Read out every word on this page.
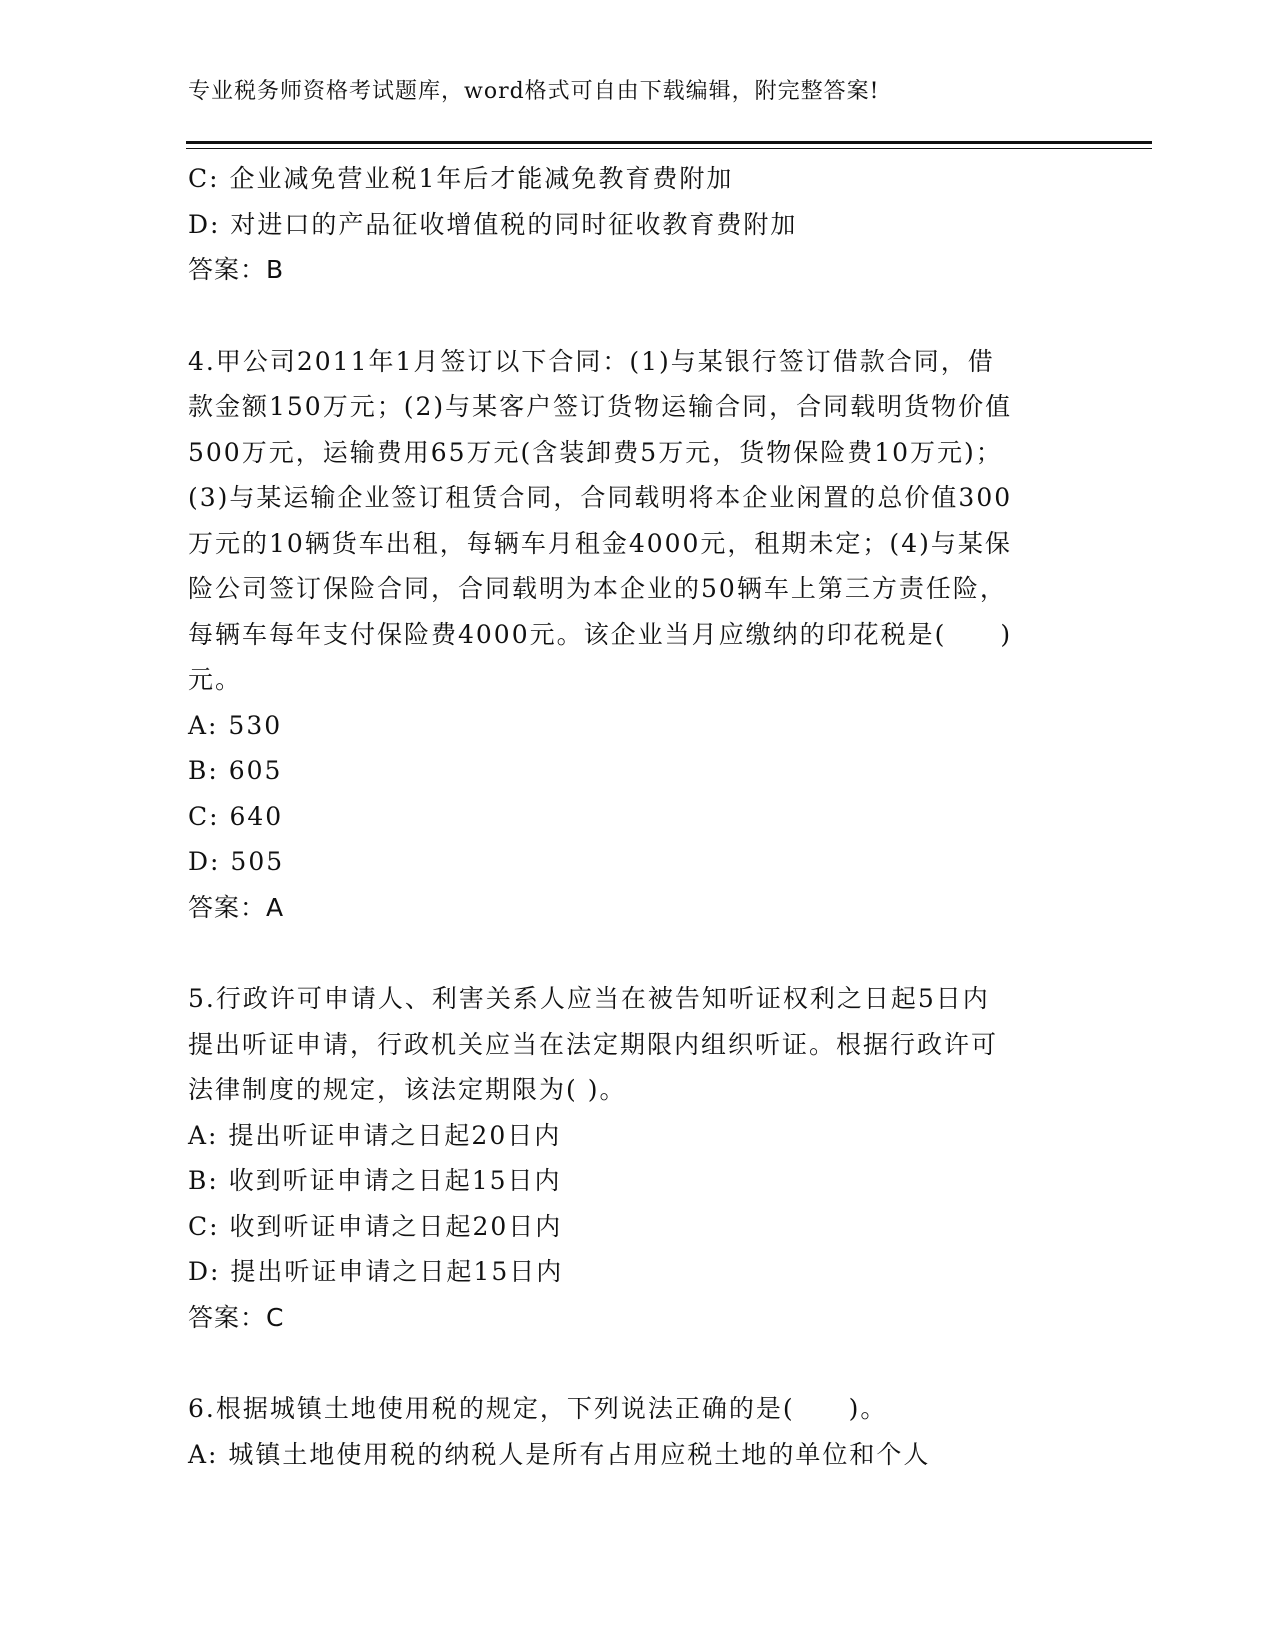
专业税务师资格考试题库，word格式可自由下载编辑，附完整答案!
C: 企业减免营业税1年后才能减免教育费附加
D: 对进口的产品征收增值税的同时征收教育费附加
答案：B
4.甲公司2011年1月签订以下合同：(1)与某银行签订借款合同，借
款金额150万元；(2)与某客户签订货物运输合同，合同载明货物价值
500万元，运输费用65万元(含装卸费5万元，货物保险费10万元)；
(3)与某运输企业签订租赁合同，合同载明将本企业闲置的总价值300
万元的10辆货车出租，每辆车月租金4000元，租期未定；(4)与某保
险公司签订保险合同，合同载明为本企业的50辆车上第三方责任险，
每辆车每年支付保险费4000元。该企业当月应缴纳的印花税是(　　)
元。
A: 530
B: 605
C: 640
D: 505
答案：A
5.行政许可申请人、利害关系人应当在被告知听证权利之日起5日内
提出听证申请，行政机关应当在法定期限内组织听证。根据行政许可
法律制度的规定，该法定期限为( )。
A: 提出听证申请之日起20日内
B: 收到听证申请之日起15日内
C: 收到听证申请之日起20日内
D: 提出听证申请之日起15日内
答案：C
6.根据城镇土地使用税的规定，下列说法正确的是(　　)。
A: 城镇土地使用税的纳税人是所有占用应税土地的单位和个人
